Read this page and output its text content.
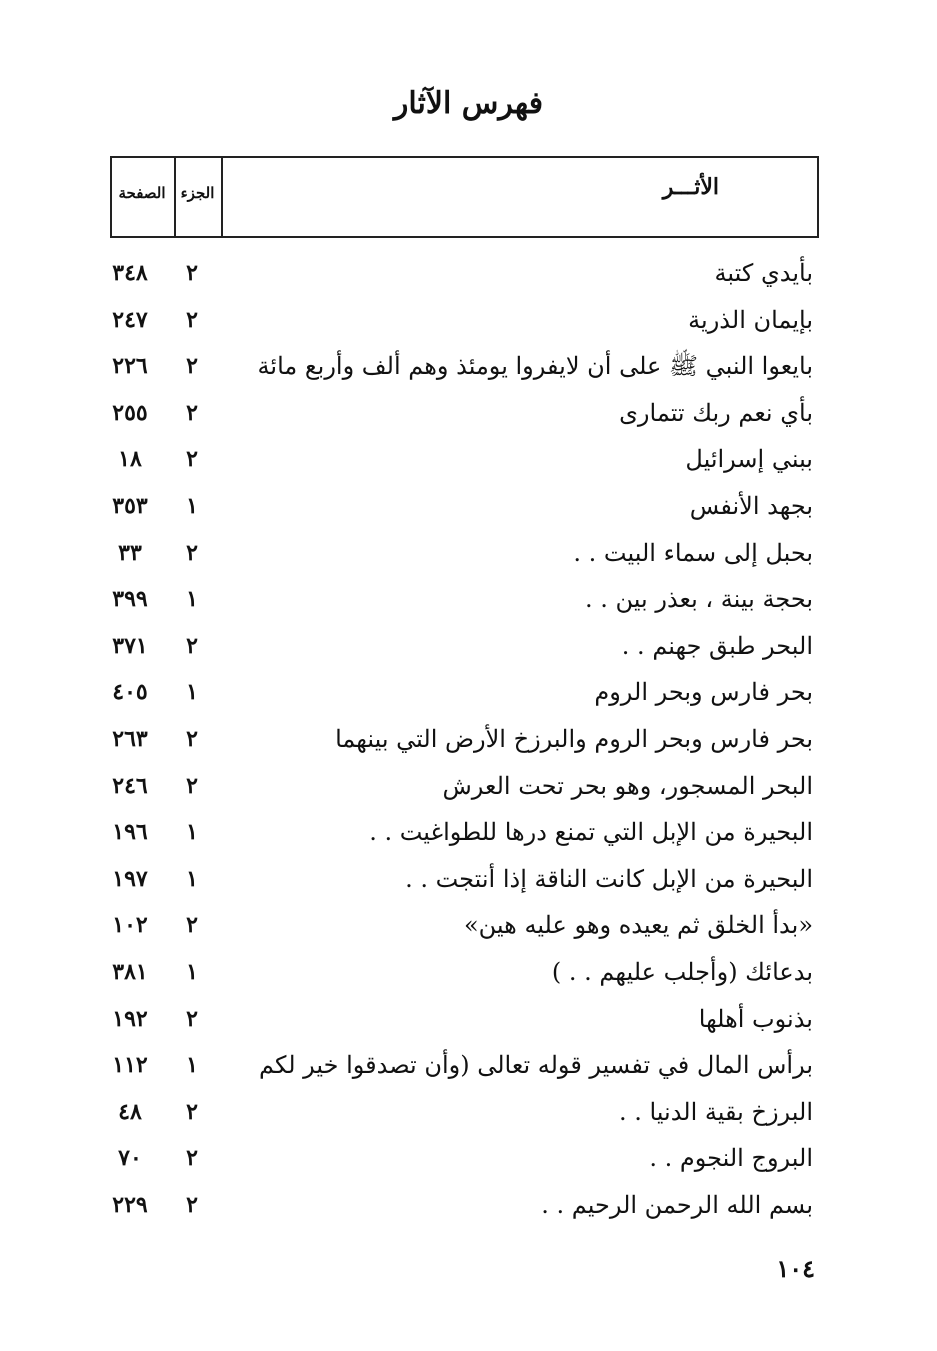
فهرس الآثار
الأثـــر
الجزء
الصفحة
بأيدي كتبة
٢
٣٤٨
بإيمان الذرية
٢
٢٤٧
بايعوا النبي ﷺ على أن لايفروا يومئذ وهم ألف وأربع مائة
٢
٢٢٦
بأي نعم ربك تتمارى
٢
٢٥٥
ببني إسرائيل
٢
١٨
بجهد الأنفس
١
٣٥٣
بحبل إلى سماء البيت . .
٢
٣٣
بحجة بينة ، بعذر بين . .
١
٣٩٩
البحر طبق جهنم . .
٢
٣٧١
بحر فارس وبحر الروم
١
٤٠٥
بحر فارس وبحر الروم والبرزخ الأرض التي بينهما
٢
٢٦٣
البحر المسجور، وهو بحر تحت العرش
٢
٢٤٦
البحيرة من الإبل التي تمنع درها للطواغيت . .
١
١٩٦
البحيرة من الإبل كانت الناقة إذا أنتجت . .
١
١٩٧
«بدأ الخلق ثم يعيده وهو عليه هين»
٢
١٠٢
بدعائك (وأجلب عليهم . . )
١
٣٨١
بذنوب أهلها
٢
١٩٢
برأس المال في تفسير قوله تعالى (وأن تصدقوا خير لكم
١
١١٢
البرزخ بقية الدنيا . .
٢
٤٨
البروج النجوم . .
٢
٧٠
بسم الله الرحمن الرحيم . .
٢
٢٢٩
١٠٤
